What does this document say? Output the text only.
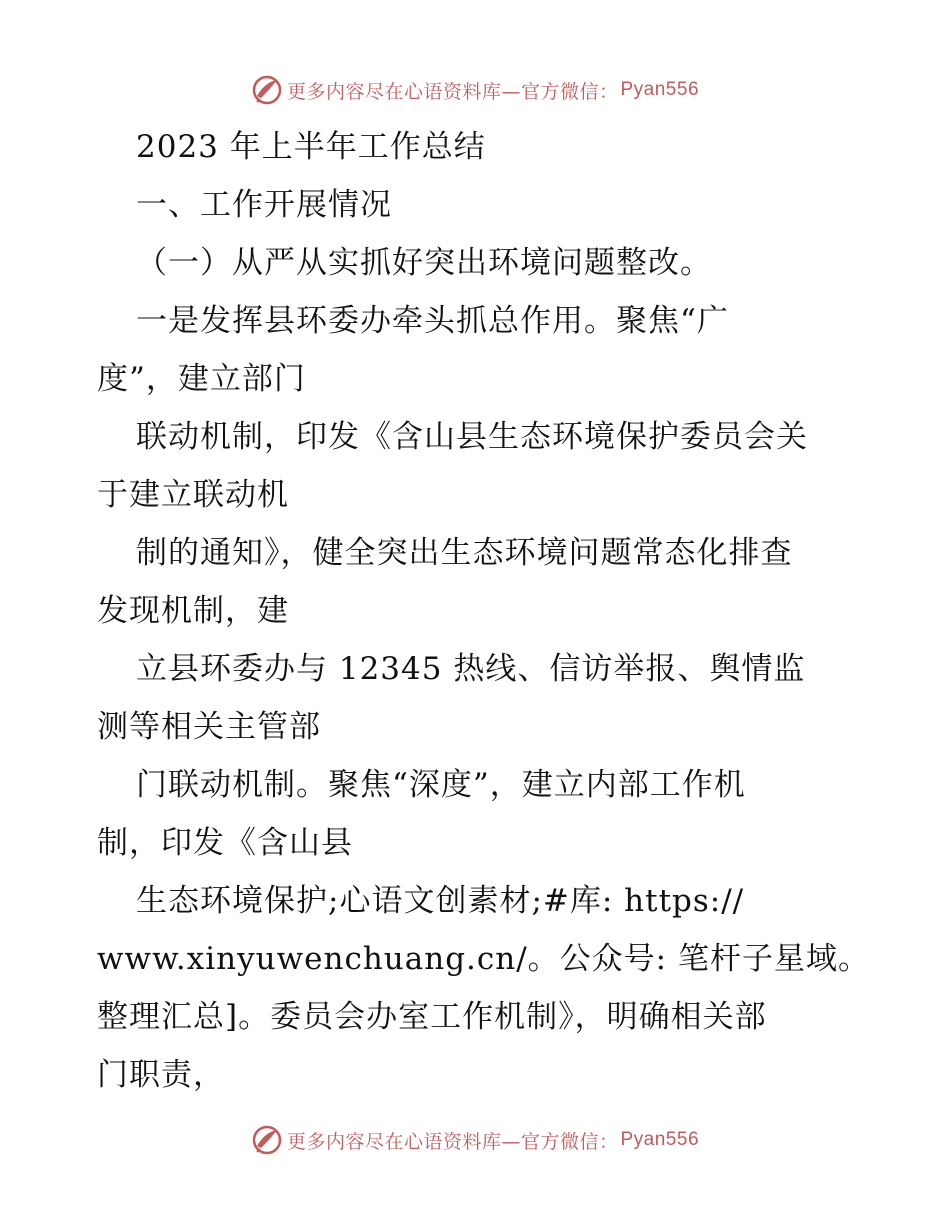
更多内容尽在心语资料库—官方微信： Pyan556
2023 年上半年工作总结
一、工作开展情况
（一）从严从实抓好突出环境问题整改。
一是发挥县环委办牵头抓总作用。聚焦“广
度”，建立部门
联动机制，印发《含山县生态环境保护委员会关
于建立联动机
制的通知》，健全突出生态环境问题常态化排查
发现机制，建
立县环委办与 12345 热线、信访举报、舆情监
测等相关主管部
门联动机制。聚焦“深度”，建立内部工作机
制，印发《含山县
生态环境保护;心语文创素材;#库: https://
www.xinyuwenchuang.cn/。公众号: 笔杆子星域。
整理汇总]。委员会办室工作机制》，明确相关部
门职责，
更多内容尽在心语资料库—官方微信： Pyan556
